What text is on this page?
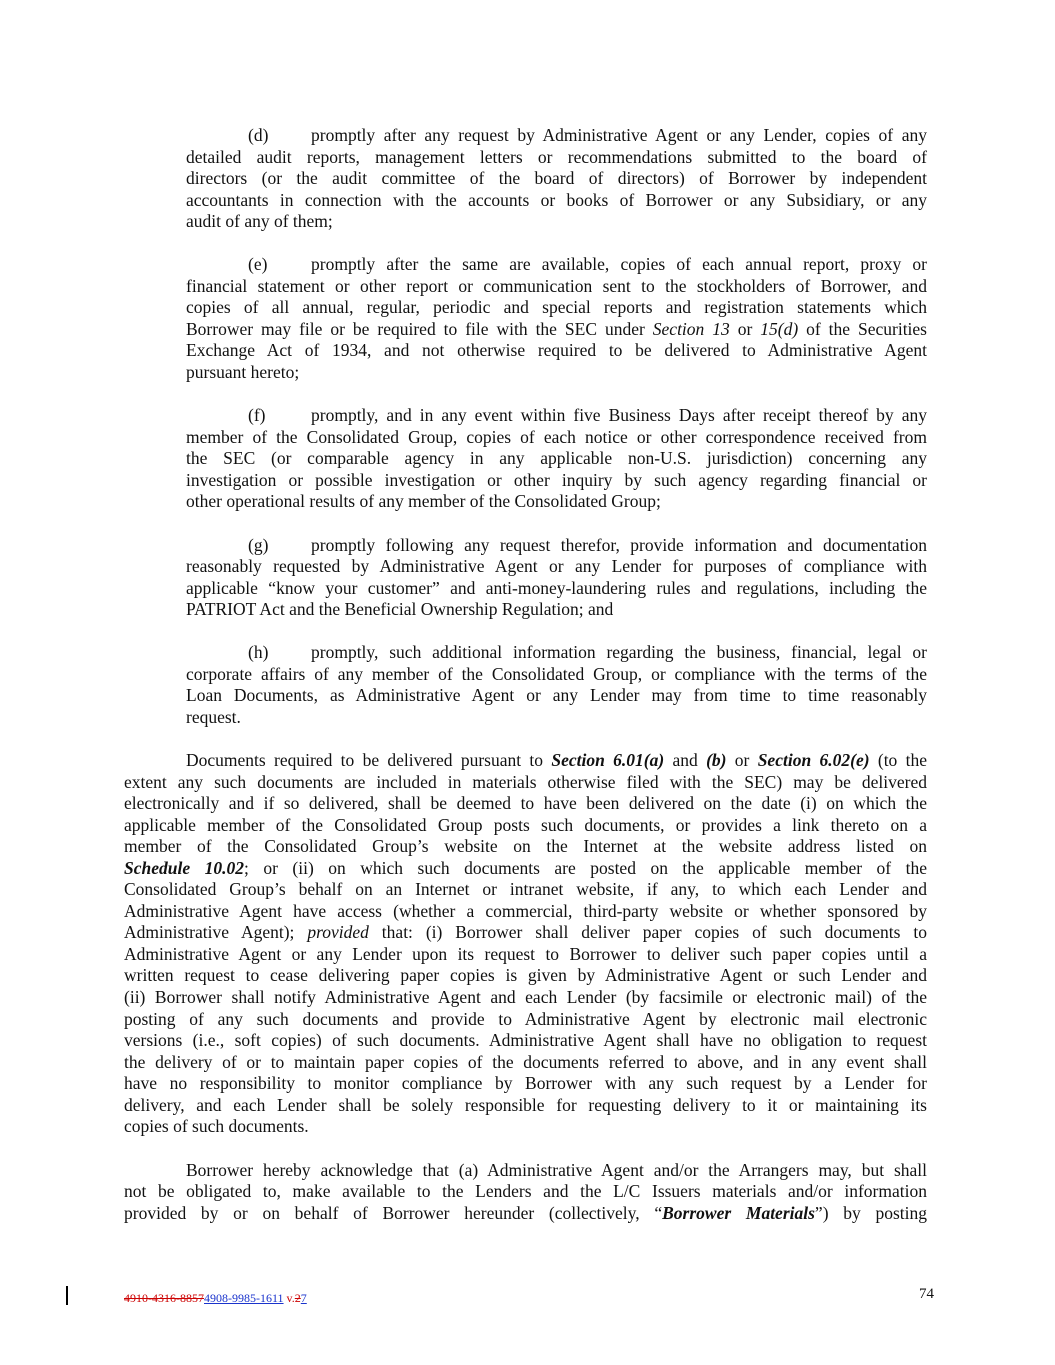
(d) promptly after any request by Administrative Agent or any Lender, copies of any
detailed audit reports, management letters or recommendations submitted to the board of
directors (or the audit committee of the board of directors) of Borrower by independent
accountants in connection with the accounts or books of Borrower or any Subsidiary, or any
audit of any of them;
(e) promptly after the same are available, copies of each annual report, proxy or
financial statement or other report or communication sent to the stockholders of Borrower, and
copies of all annual, regular, periodic and special reports and registration statements which
Borrower may file or be required to file with the SEC under Section 13 or 15(d) of the Securities
Exchange Act of 1934, and not otherwise required to be delivered to Administrative Agent
pursuant hereto;
(f)	promptly, and in any event within five Business Days after receipt thereof by any
member of the Consolidated Group, copies of each notice or other correspondence received from
the SEC (or comparable agency in any applicable non-U.S. jurisdiction) concerning any
investigation or possible investigation or other inquiry by such agency regarding financial or
other operational results of any member of the Consolidated Group;
(g) promptly following any request therefor, provide information and documentation
reasonably requested by Administrative Agent or any Lender for purposes of compliance with
applicable “know your customer” and anti-money-laundering rules and regulations, including the
PATRIOT Act and the Beneficial Ownership Regulation; and
(h) promptly, such additional information regarding the business, financial, legal or
corporate affairs of any member of the Consolidated Group, or compliance with the terms of the
Loan Documents, as Administrative Agent or any Lender may from time to time reasonably
request.
Documents required to be delivered pursuant to Section 6.01(a) and (b) or Section 6.02(e) (to the
extent any such documents are included in materials otherwise filed with the SEC) may be delivered
electronically and if so delivered, shall be deemed to have been delivered on the date (i) on which the
applicable member of the Consolidated Group posts such documents, or provides a link thereto on a
member of the Consolidated Group’s website on the Internet at the website address listed on
Schedule 10.02; or (ii) on which such documents are posted on the applicable member of the
Consolidated Group’s behalf on an Internet or intranet website, if any, to which each Lender and
Administrative Agent have access (whether a commercial, third-party website or whether sponsored by
Administrative Agent); provided that: (i) Borrower shall deliver paper copies of such documents to
Administrative Agent or any Lender upon its request to Borrower to deliver such paper copies until a
written request to cease delivering paper copies is given by Administrative Agent or such Lender and
(ii) Borrower shall notify Administrative Agent and each Lender (by facsimile or electronic mail) of the
posting of any such documents and provide to Administrative Agent by electronic mail electronic
versions (i.e., soft copies) of such documents. Administrative Agent shall have no obligation to request
the delivery of or to maintain paper copies of the documents referred to above, and in any event shall
have no responsibility to monitor compliance by Borrower with any such request by a Lender for
delivery, and each Lender shall be solely responsible for requesting delivery to it or maintaining its
copies of such documents.
Borrower hereby acknowledge that (a) Administrative Agent and/or the Arrangers may, but shall
not be obligated to, make available to the Lenders and the L/C Issuers materials and/or information
provided by or on behalf of Borrower hereunder (collectively, “Borrower Materials”) by posting
4910-4316-88574908-9985-1611 v.27	74
